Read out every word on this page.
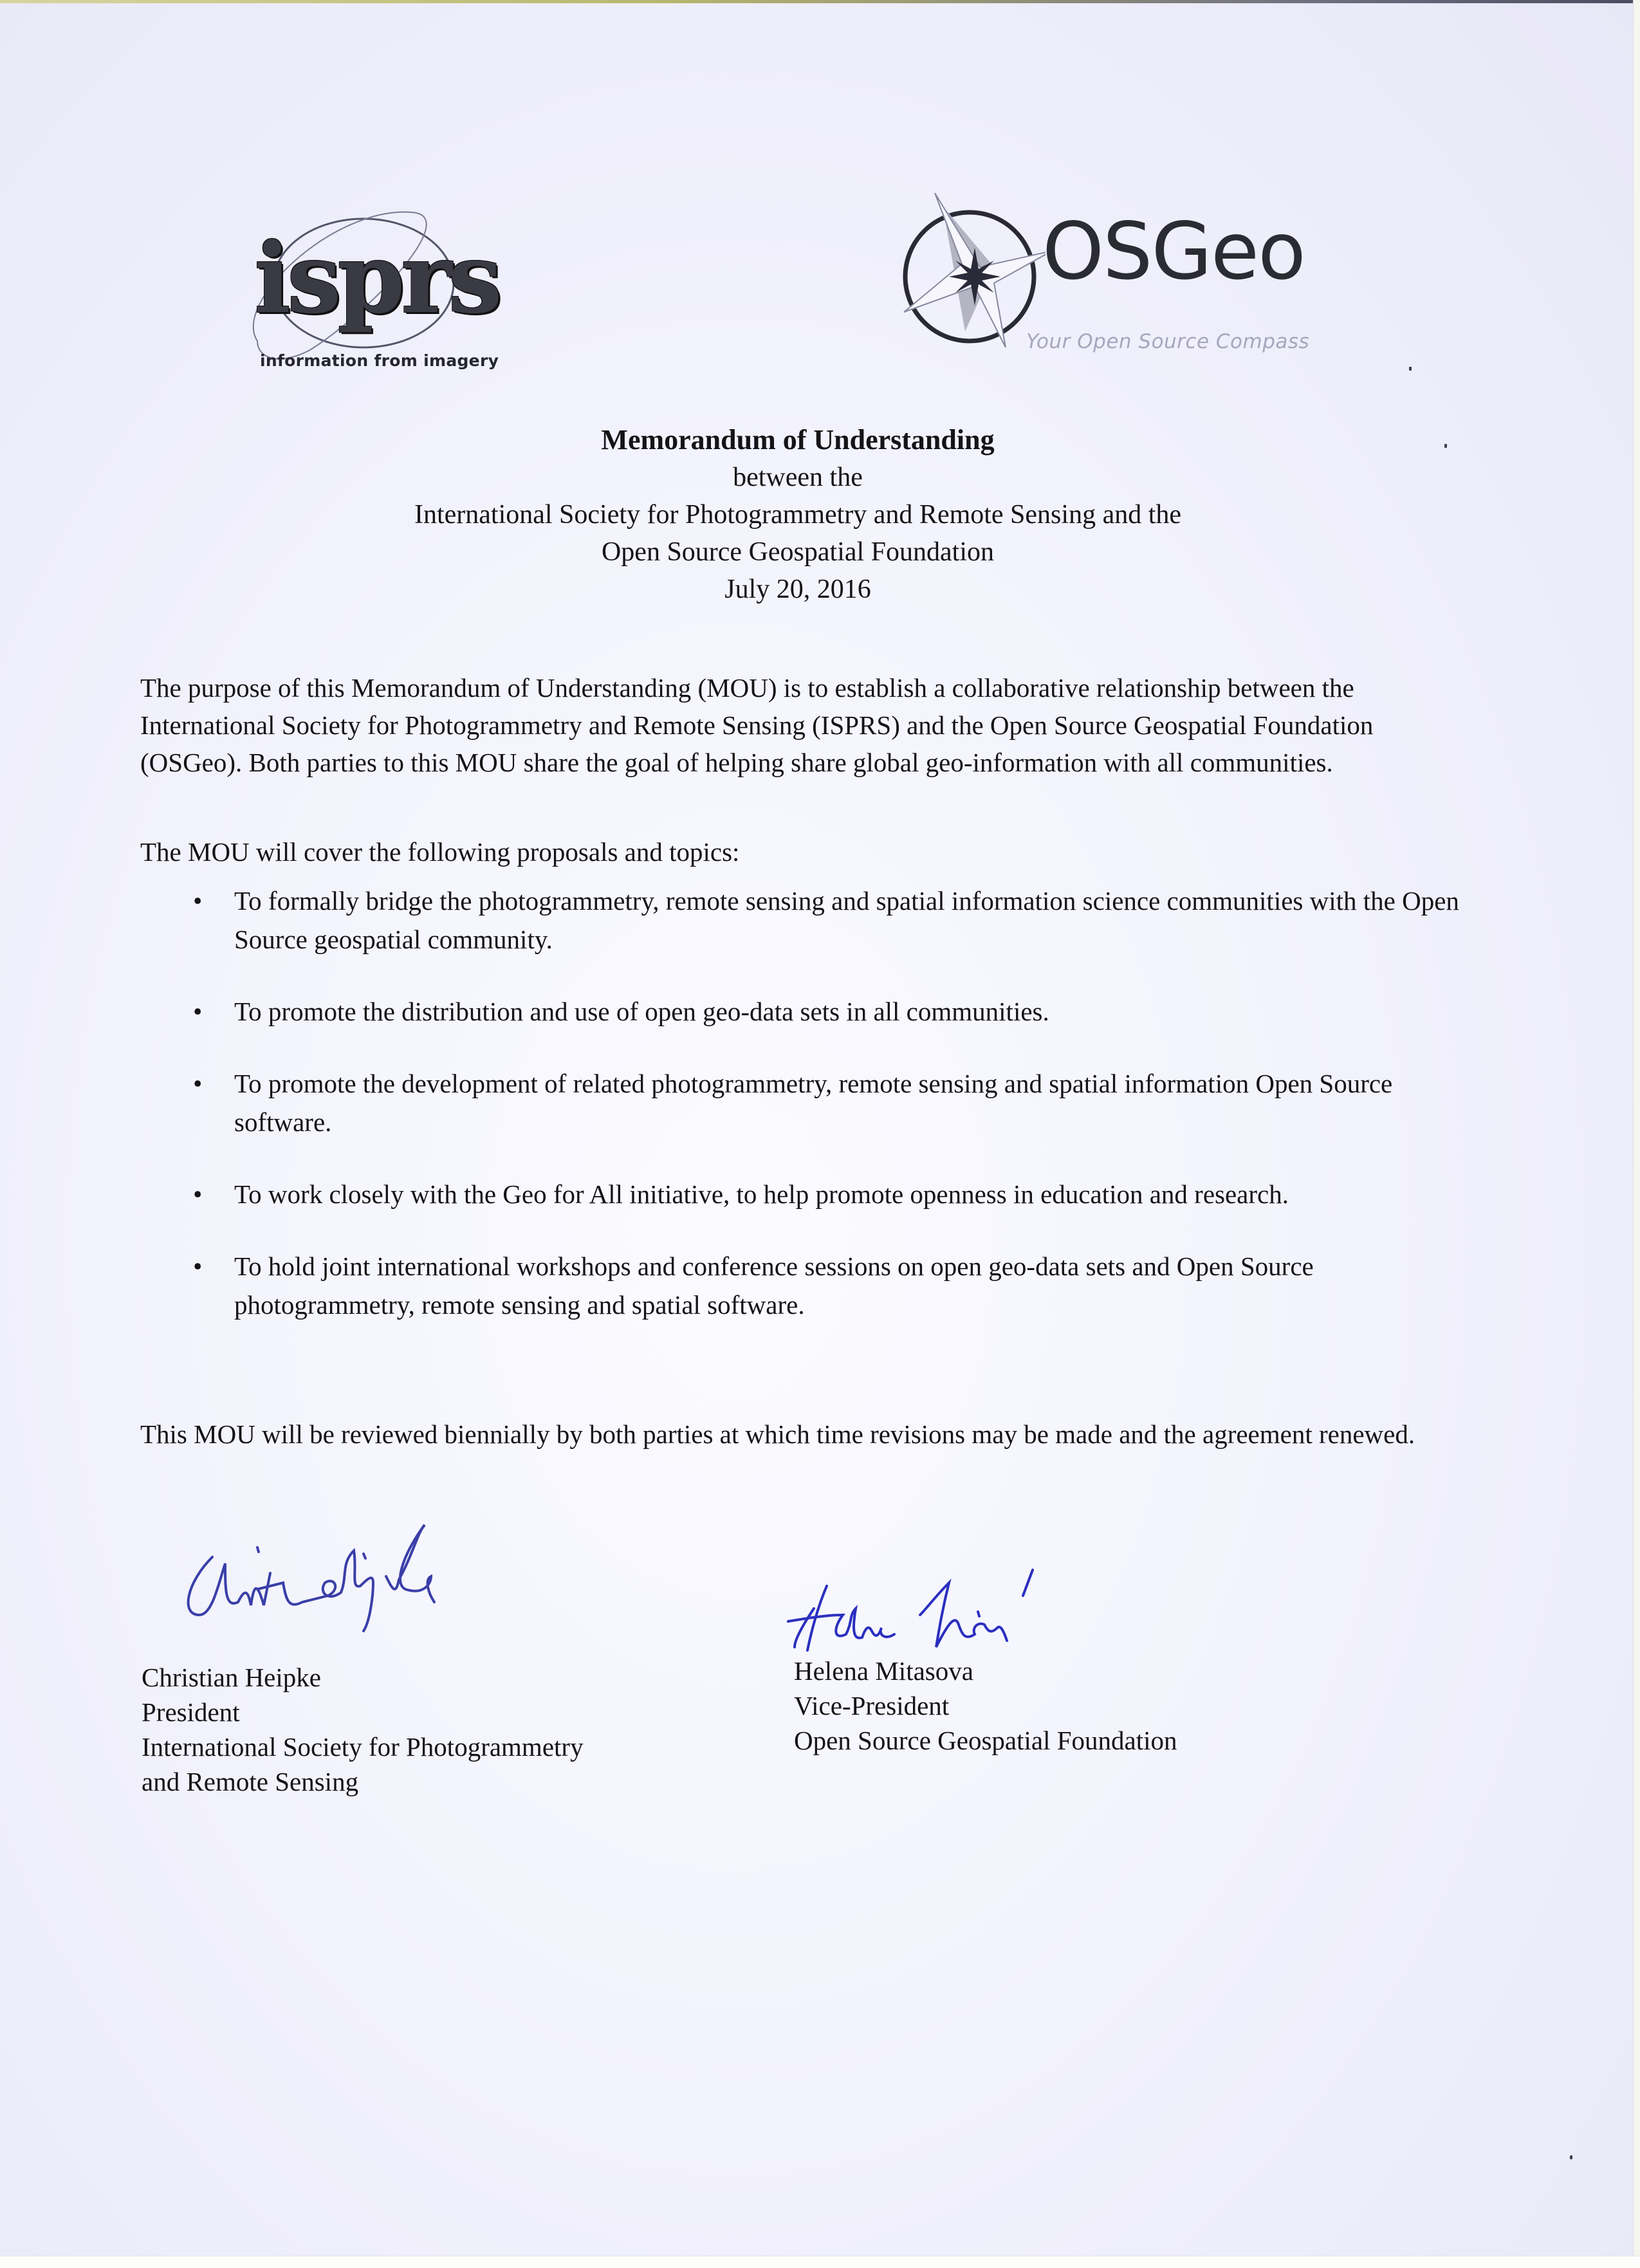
isprs
information from imagery
OSGeo
Your Open Source Compass
Memorandum of Understanding
between the
International Society for Photogrammetry and Remote Sensing and the
Open Source Geospatial Foundation
July 20, 2016

The purpose of this Memorandum of Understanding (MOU) is to establish a collaborative relationship between the International Society for Photogrammetry and Remote Sensing (ISPRS) and the Open Source Geospatial Foundation (OSGeo). Both parties to this MOU share the goal of helping share global geo-information with all communities.

The MOU will cover the following proposals and topics:

• To formally bridge the photogrammetry, remote sensing and spatial information science communities with the Open Source geospatial community.
• To promote the distribution and use of open geo-data sets in all communities.
• To promote the development of related photogrammetry, remote sensing and spatial information Open Source software.
• To work closely with the Geo for All initiative, to help promote openness in education and research.
• To hold joint international workshops and conference sessions on open geo-data sets and Open Source photogrammetry, remote sensing and spatial software.

This MOU will be reviewed biennially by both parties at which time revisions may be made and the agreement renewed.

Christian Heipke
President
International Society for Photogrammetry
and Remote Sensing
Helena Mitasova
Vice-President
Open Source Geospatial Foundation
